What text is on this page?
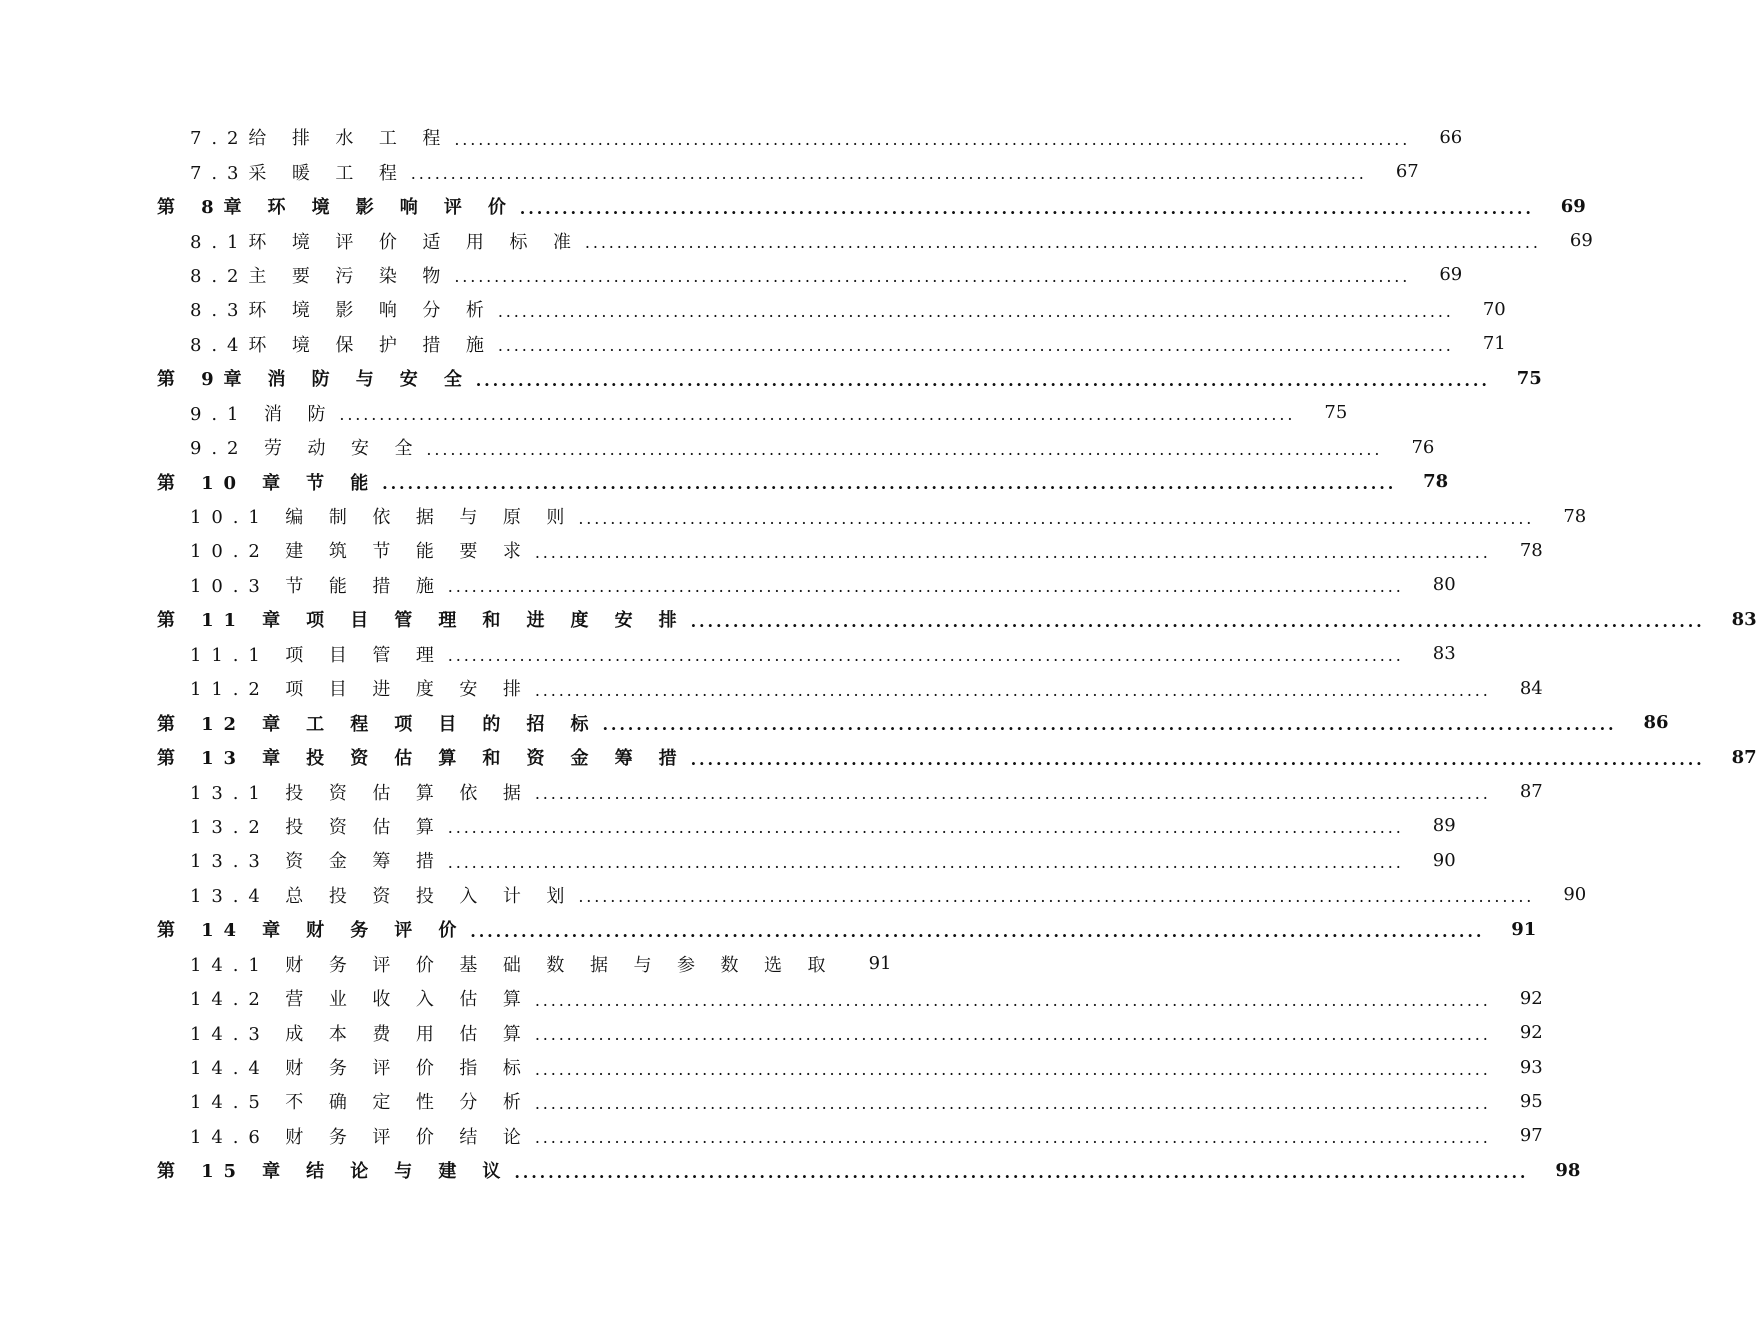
7.2给 排 水 工 程 ........................................................................................................................	66
7.3采 暖 工 程 ........................................................................................................................	67
第 8章 环 境 影 响 评 价 ........................................................................................................................	69
8.1环 境 评 价 适 用 标 准 ........................................................................................................................	69
8.2主 要 污 染 物 ........................................................................................................................	69
8.3环 境 影 响 分 析 ........................................................................................................................	70
8.4环 境 保 护 措 施 ........................................................................................................................	71
第 9章 消 防 与 安 全 ........................................................................................................................	75
9.1 消 防 ........................................................................................................................	75
9.2 劳 动 安 全 ........................................................................................................................	76
第 10 章 节 能 ........................................................................................................................	78
10.1 编 制 依 据 与 原 则 ........................................................................................................................	78
10.2 建 筑 节 能 要 求 ........................................................................................................................	78
10.3 节 能 措 施 ........................................................................................................................	80
第 11 章 项 目 管 理 和 进 度 安 排 ........................................................................................................................	83
11.1 项 目 管 理 ........................................................................................................................	83
11.2 项 目 进 度 安 排 ........................................................................................................................	84
第 12 章 工 程 项 目 的 招 标 ........................................................................................................................	86
第 13 章 投 资 估 算 和 资 金 筹 措 ........................................................................................................................	87
13.1 投 资 估 算 依 据 ........................................................................................................................	87
13.2 投 资 估 算 ........................................................................................................................	89
13.3 资 金 筹 措 ........................................................................................................................	90
13.4 总 投 资 投 入 计 划 ........................................................................................................................	90
第 14 章 财 务 评 价 ........................................................................................................................	91
14.1 财 务 评 价 基 础 数 据 与 参 数 选 取	91
14.2 营 业 收 入 估 算 ........................................................................................................................	92
14.3 成 本 费 用 估 算 ........................................................................................................................	92
14.4 财 务 评 价 指 标 ........................................................................................................................	93
14.5 不 确 定 性 分 析 ........................................................................................................................	95
14.6 财 务 评 价 结 论 ........................................................................................................................	97
第 15 章 结 论 与 建 议 ........................................................................................................................	98
